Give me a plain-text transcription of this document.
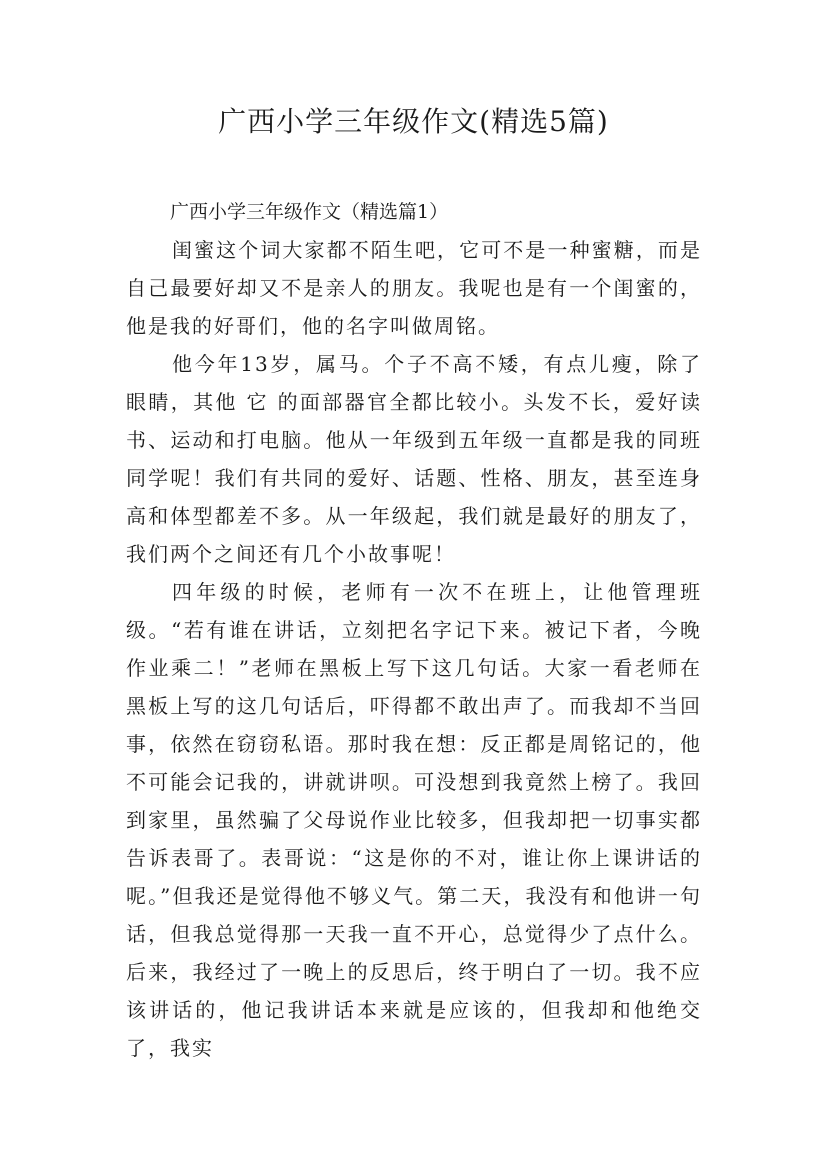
广西小学三年级作文(精选5篇)
广西小学三年级作文（精选篇1）

闺蜜这个词大家都不陌生吧，它可不是一种蜜糖，而是自己最要好却又不是亲人的朋友。我呢也是有一个闺蜜的，他是我的好哥们，他的名字叫做周铭。

他今年13岁，属马。个子不高不矮，有点儿瘦，除了眼睛，其他 它 的面部器官全都比较小。头发不长，爱好读书、运动和打电脑。他从一年级到五年级一直都是我的同班同学呢！我们有共同的爱好、话题、性格、朋友，甚至连身高和体型都差不多。从一年级起，我们就是最好的朋友了，我们两个之间还有几个小故事呢！

四年级的时候，老师有一次不在班上，让他管理班级。“若有谁在讲话，立刻把名字记下来。被记下者，今晚作业乘二！”老师在黑板上写下这几句话。大家一看老师在黑板上写的这几句话后，吓得都不敢出声了。而我却不当回事，依然在窃窃私语。那时我在想：反正都是周铭记的，他不可能会记我的，讲就讲呗。可没想到我竟然上榜了。我回到家里，虽然骗了父母说作业比较多，但我却把一切事实都告诉表哥了。表哥说：“这是你的不对，谁让你上课讲话的呢。”但我还是觉得他不够义气。第二天，我没有和他讲一句话，但我总觉得那一天我一直不开心，总觉得少了点什么。后来，我经过了一晚上的反思后，终于明白了一切。我不应该讲话的，他记我讲话本来就是应该的，但我却和他绝交了，我实
